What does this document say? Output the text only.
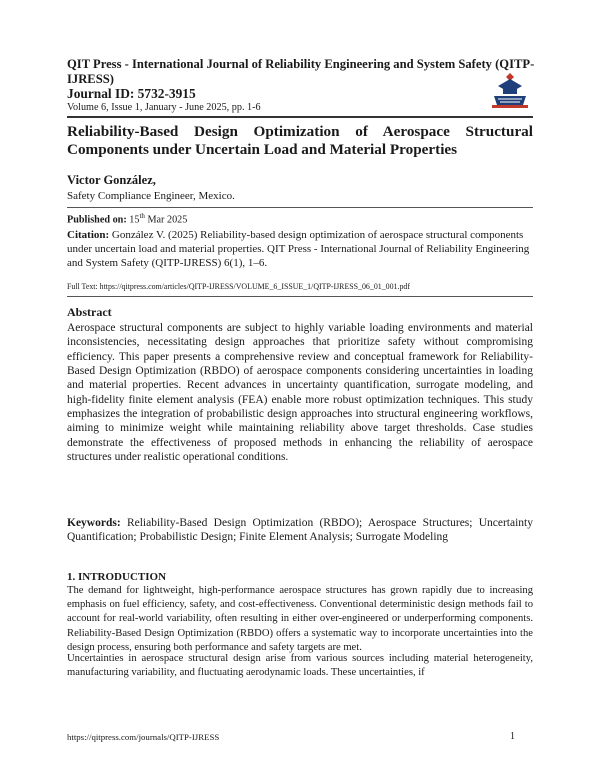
QIT Press - International Journal of Reliability Engineering and System Safety (QITP-IJRESS)
Journal ID: 5732-3915
Volume 6, Issue 1, January - June 2025, pp. 1-6
Reliability-Based Design Optimization of Aerospace Structural Components under Uncertain Load and Material Properties
Victor González,
Safety Compliance Engineer, Mexico.
Published on: 15th Mar 2025
Citation: González V. (2025) Reliability-based design optimization of aerospace structural components under uncertain load and material properties. QIT Press - International Journal of Reliability Engineering and System Safety (QITP-IJRESS) 6(1), 1–6.
Full Text: https://qitpress.com/articles/QITP-IJRESS/VOLUME_6_ISSUE_1/QITP-IJRESS_06_01_001.pdf
Abstract
Aerospace structural components are subject to highly variable loading environments and material inconsistencies, necessitating design approaches that prioritize safety without compromising efficiency. This paper presents a comprehensive review and conceptual framework for Reliability-Based Design Optimization (RBDO) of aerospace components considering uncertainties in loading and material properties. Recent advances in uncertainty quantification, surrogate modeling, and high-fidelity finite element analysis (FEA) enable more robust optimization techniques. This study emphasizes the integration of probabilistic design approaches into structural engineering workflows, aiming to minimize weight while maintaining reliability above target thresholds. Case studies demonstrate the effectiveness of proposed methods in enhancing the reliability of aerospace structures under realistic operational conditions.
Keywords: Reliability-Based Design Optimization (RBDO); Aerospace Structures; Uncertainty Quantification; Probabilistic Design; Finite Element Analysis; Surrogate Modeling
1. INTRODUCTION
The demand for lightweight, high-performance aerospace structures has grown rapidly due to increasing emphasis on fuel efficiency, safety, and cost-effectiveness. Conventional deterministic design methods fail to account for real-world variability, often resulting in either over-engineered or underperforming components. Reliability-Based Design Optimization (RBDO) offers a systematic way to incorporate uncertainties into the design process, ensuring both performance and safety targets are met.
Uncertainties in aerospace structural design arise from various sources including material heterogeneity, manufacturing variability, and fluctuating aerodynamic loads. These uncertainties, if
https://qitpress.com/journals/QITP-IJRESS	1
